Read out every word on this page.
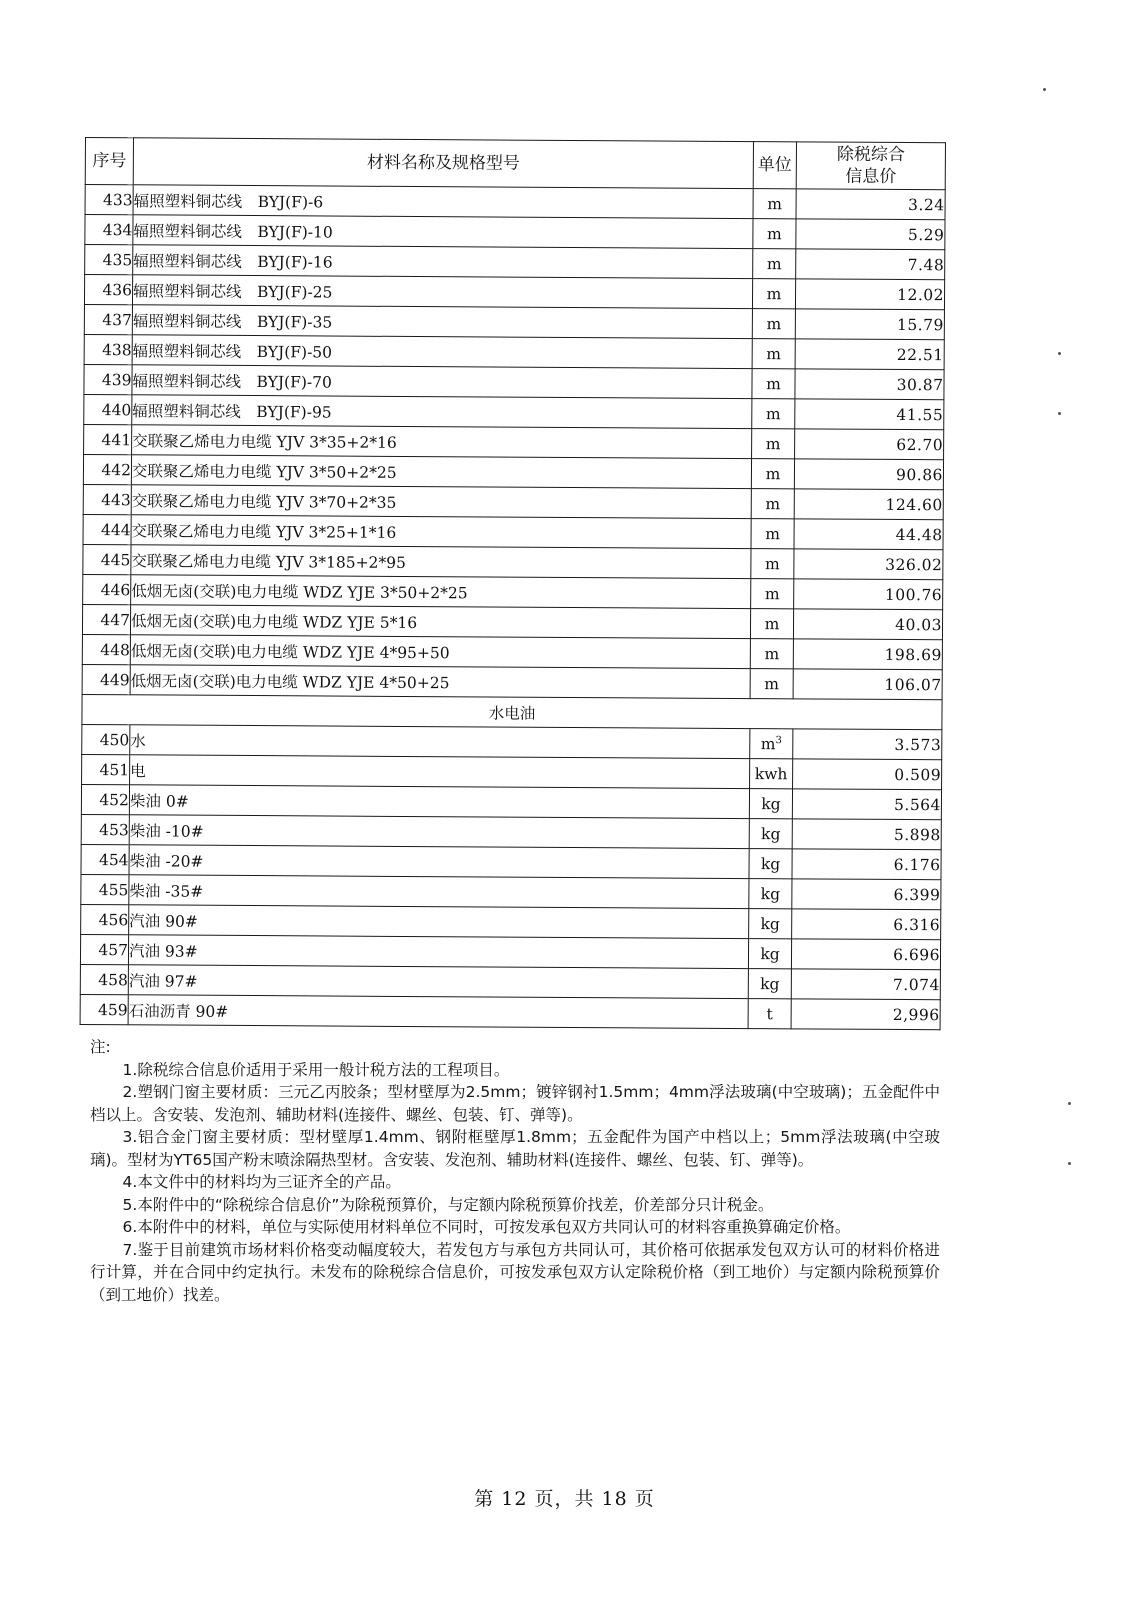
序号	材料名称及规格型号	单位	除税综合
信息价

433	辐照塑料铜芯线　BYJ(F)-6	m	3.24
434	辐照塑料铜芯线　BYJ(F)-10	m	5.29
435	辐照塑料铜芯线　BYJ(F)-16	m	7.48
436	辐照塑料铜芯线　BYJ(F)-25	m	12.02
437	辐照塑料铜芯线　BYJ(F)-35	m	15.79
438	辐照塑料铜芯线　BYJ(F)-50	m	22.51
439	辐照塑料铜芯线　BYJ(F)-70	m	30.87
440	辐照塑料铜芯线　BYJ(F)-95	m	41.55
441	交联聚乙烯电力电缆 YJV 3*35+2*16	m	62.70
442	交联聚乙烯电力电缆 YJV 3*50+2*25	m	90.86
443	交联聚乙烯电力电缆 YJV 3*70+2*35	m	124.60
444	交联聚乙烯电力电缆 YJV 3*25+1*16	m	44.48
445	交联聚乙烯电力电缆 YJV 3*185+2*95	m	326.02
446	低烟无卤(交联)电力电缆 WDZ YJE 3*50+2*25	m	100.76
447	低烟无卤(交联)电力电缆 WDZ YJE 5*16	m	40.03
448	低烟无卤(交联)电力电缆 WDZ YJE 4*95+50	m	198.69
449	低烟无卤(交联)电力电缆 WDZ YJE 4*50+25	m	106.07
水电油			
450	水	$m^3$	3.573
451	电	kwh	0.509
452	柴油 0#	kg	5.564
453	柴油 -10#	kg	5.898
454	柴油 -20#	kg	6.176
455	柴油 -35#	kg	6.399
456	汽油 90#	kg	6.316
457	汽油 93#	kg	6.696
458	汽油 97#	kg	7.074
459	石油沥青 90#	t	2,996
注:

1.除税综合信息价适用于采用一般计税方法的工程项目。

2.塑钢门窗主要材质：三元乙丙胶条；型材壁厚为2.5mm；镀锌钢衬1.5mm；4mm浮法玻璃(中空玻璃)；五金配件中档以上。含安装、发泡剂、辅助材料(连接件、螺丝、包装、钉、弹等)。

3.铝合金门窗主要材质：型材壁厚1.4mm、钢附框壁厚1.8mm；五金配件为国产中档以上；5mm浮法玻璃(中空玻璃)。型材为YT65国产粉末喷涂隔热型材。含安装、发泡剂、辅助材料(连接件、螺丝、包装、钉、弹等)。

4.本文件中的材料均为三证齐全的产品。

5.本附件中的“除税综合信息价”为除税预算价，与定额内除税预算价找差，价差部分只计税金。

6.本附件中的材料，单位与实际使用材料单位不同时，可按发承包双方共同认可的材料容重换算确定价格。

7.鉴于目前建筑市场材料价格变动幅度较大，若发包方与承包方共同认可，其价格可依据承发包双方认可的材料价格进行计算，并在合同中约定执行。未发布的除税综合信息价，可按发承包双方认定除税价格（到工地价）与定额内除税预算价（到工地价）找差。

第 12 页，共 18 页
